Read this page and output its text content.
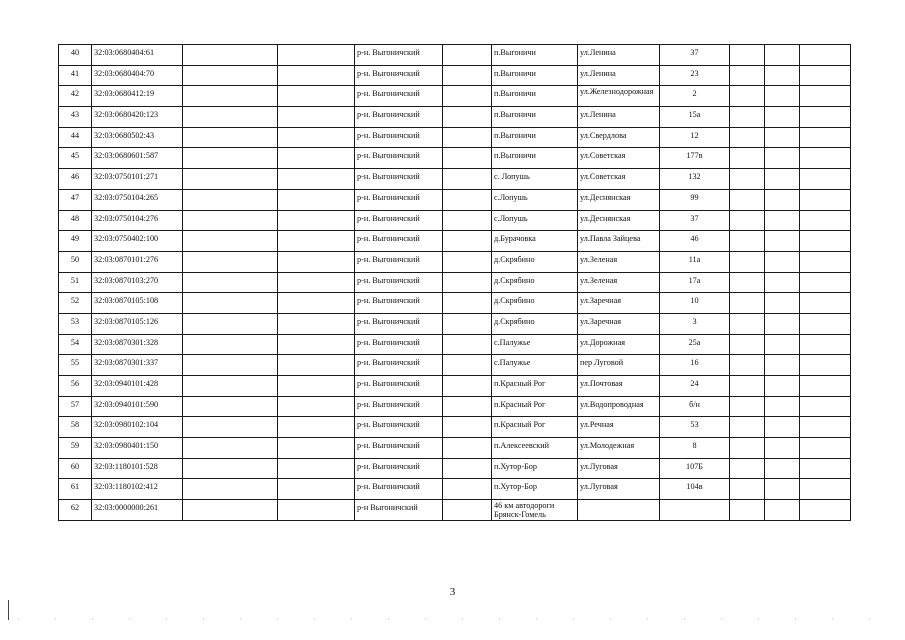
40	32:03:0680404:61			р-н. Выгоничский		п.Выгоничи	ул.Ленина	37			
41	32:03:0680404:70			р-н. Выгоничский		п.Выгоничи	ул.Ленина	23			
42	32:03:0680412:19			р-н. Выгоничский		п.Выгоничи	ул.Железнодорожная	2			
43	32:03:0680420:123			р-н. Выгоничский		п.Выгоничи	ул.Ленина	15а			
44	32:03:0680502:43			р-н. Выгоничский		п.Выгоничи	ул.Свердлова	12			
45	32:03:0680601:587			р-н. Выгоничский		п.Выгоничи	ул.Советская	177в			
46	32:03:0750101:271			р-н. Выгоничский		с. Лопушь	ул.Советская	132			
47	32:03:0750104:265			р-н. Выгоничский		с.Лопушь	ул.Деснянская	99			
48	32:03:0750104:276			р-н. Выгоничский		с.Лопушь	ул.Деснянская	37			
49	32:03:0750402:100			р-н. Выгоничский		д.Бурачовка	ул.Павла Зайцева	46			
50	32:03:0870101:276			р-н. Выгоничский		д.Скрябино	ул.Зеленая	11а			
51	32:03:0870103:270			р-н. Выгоничский		д.Скрябино	ул.Зеленая	17а			
52	32:03:0870105:108			р-н. Выгоничский		д.Скрябино	ул.Заречная	10			
53	32:03:0870105:126			р-н. Выгоничский		д.Скрябино	ул.Заречная	3			
54	32:03:0870301:328			р-н. Выгоничский		с.Палужье	ул.Дорожная	25а			
55	32:03:0870301:337			р-н. Выгоничский		с.Палужье	пер Луговой	16			
56	32:03:0940101:428			р-н. Выгоничский		п.Красный Рог	ул.Почтовая	24			
57	32:03:0940101:590			р-н. Выгоничский		п.Красный Рог	ул.Водопроводная	б/н			
58	32:03:0980102:104			р-н. Выгоничский		п.Красный Рог	ул.Речная	53			
59	32:03:0980401:150			р-н. Выгоничский		п.Алексеевский	ул.Молодежная	8			
60	32:03:1180101:528			р-н. Выгоничский		п.Хутор-Бор	ул.Луговая	107Б			
61	32:03:1180102:412			р-н. Выгоничский		п.Хутор-Бор	ул.Луговая	104в			
62	32:03:0000000:261			р-н Выгоничский		46 км автодороги Брянск-Гомель					
3
